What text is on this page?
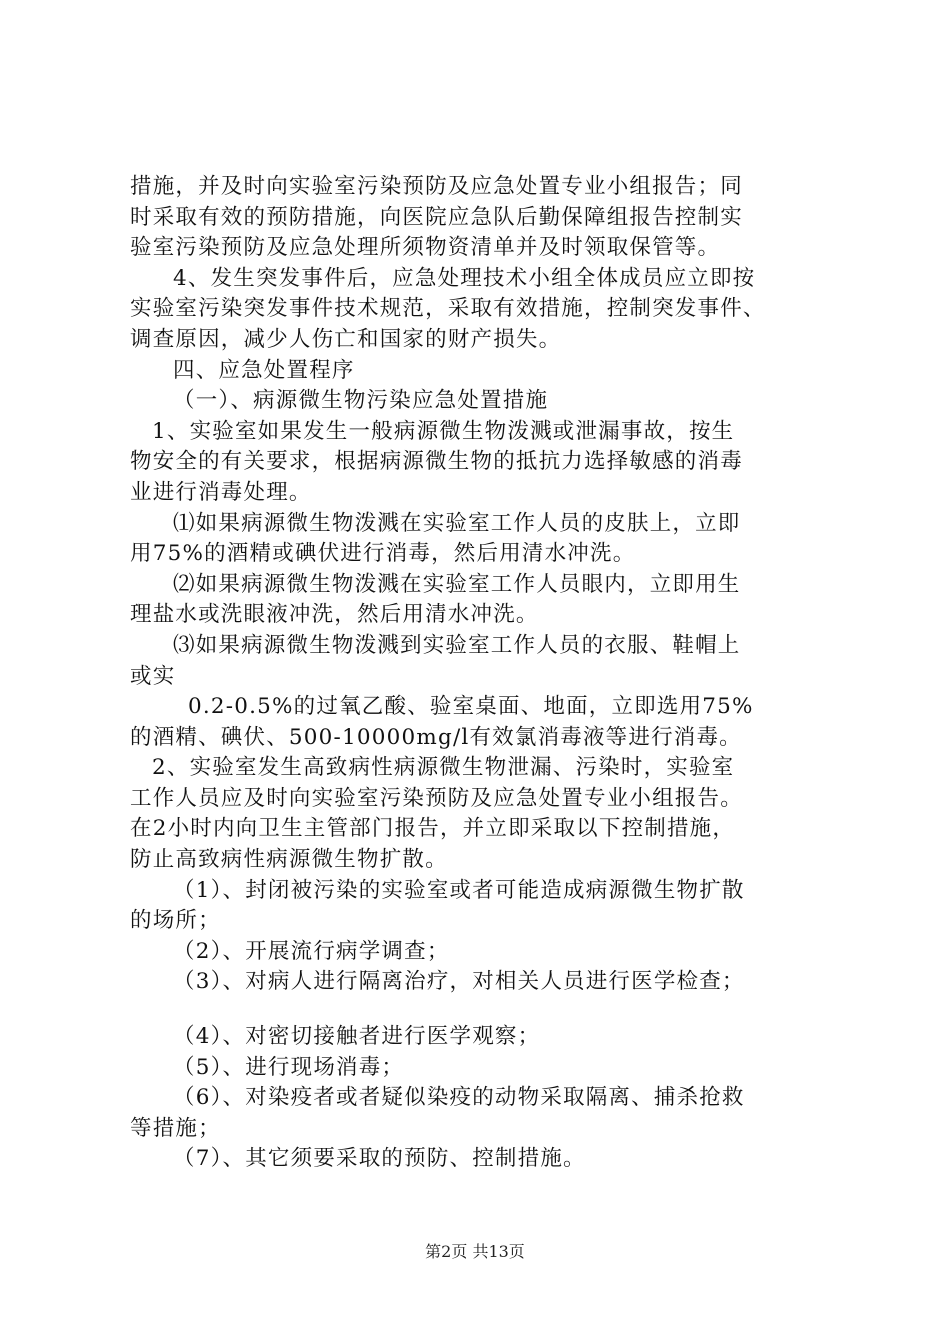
措施，并及时向实验室污染预防及应急处置专业小组报告；同
时采取有效的预防措施，向医院应急队后勤保障组报告控制实
验室污染预防及应急处理所须物资清单并及时领取保管等。
4、发生突发事件后，应急处理技术小组全体成员应立即按
实验室污染突发事件技术规范，采取有效措施，控制突发事件、
调查原因，减少人伤亡和国家的财产损失。
四、应急处置程序
（一）、病源微生物污染应急处置措施
1、实验室如果发生一般病源微生物泼溅或泄漏事故，按生
物安全的有关要求，根据病源微生物的抵抗力选择敏感的消毒
业进行消毒处理。
⑴如果病源微生物泼溅在实验室工作人员的皮肤上，立即
用75%的酒精或碘伏进行消毒，然后用清水冲洗。
⑵如果病源微生物泼溅在实验室工作人员眼内，立即用生
理盐水或洗眼液冲洗，然后用清水冲洗。
⑶如果病源微生物泼溅到实验室工作人员的衣服、鞋帽上
或实
0.2-0.5%的过氧乙酸、验室桌面、地面，立即选用75%
的酒精、碘伏、500-10000mg/l有效氯消毒液等进行消毒。
2、实验室发生高致病性病源微生物泄漏、污染时，实验室
工作人员应及时向实验室污染预防及应急处置专业小组报告。
在2小时内向卫生主管部门报告，并立即采取以下控制措施，
防止高致病性病源微生物扩散。
（1）、封闭被污染的实验室或者可能造成病源微生物扩散
的场所；
（2）、开展流行病学调查；
（3）、对病人进行隔离治疗，对相关人员进行医学检查；
（4）、对密切接触者进行医学观察；
（5）、进行现场消毒；
（6）、对染疫者或者疑似染疫的动物采取隔离、捕杀抢救
等措施；
（7）、其它须要采取的预防、控制措施。
第2页 共13页
